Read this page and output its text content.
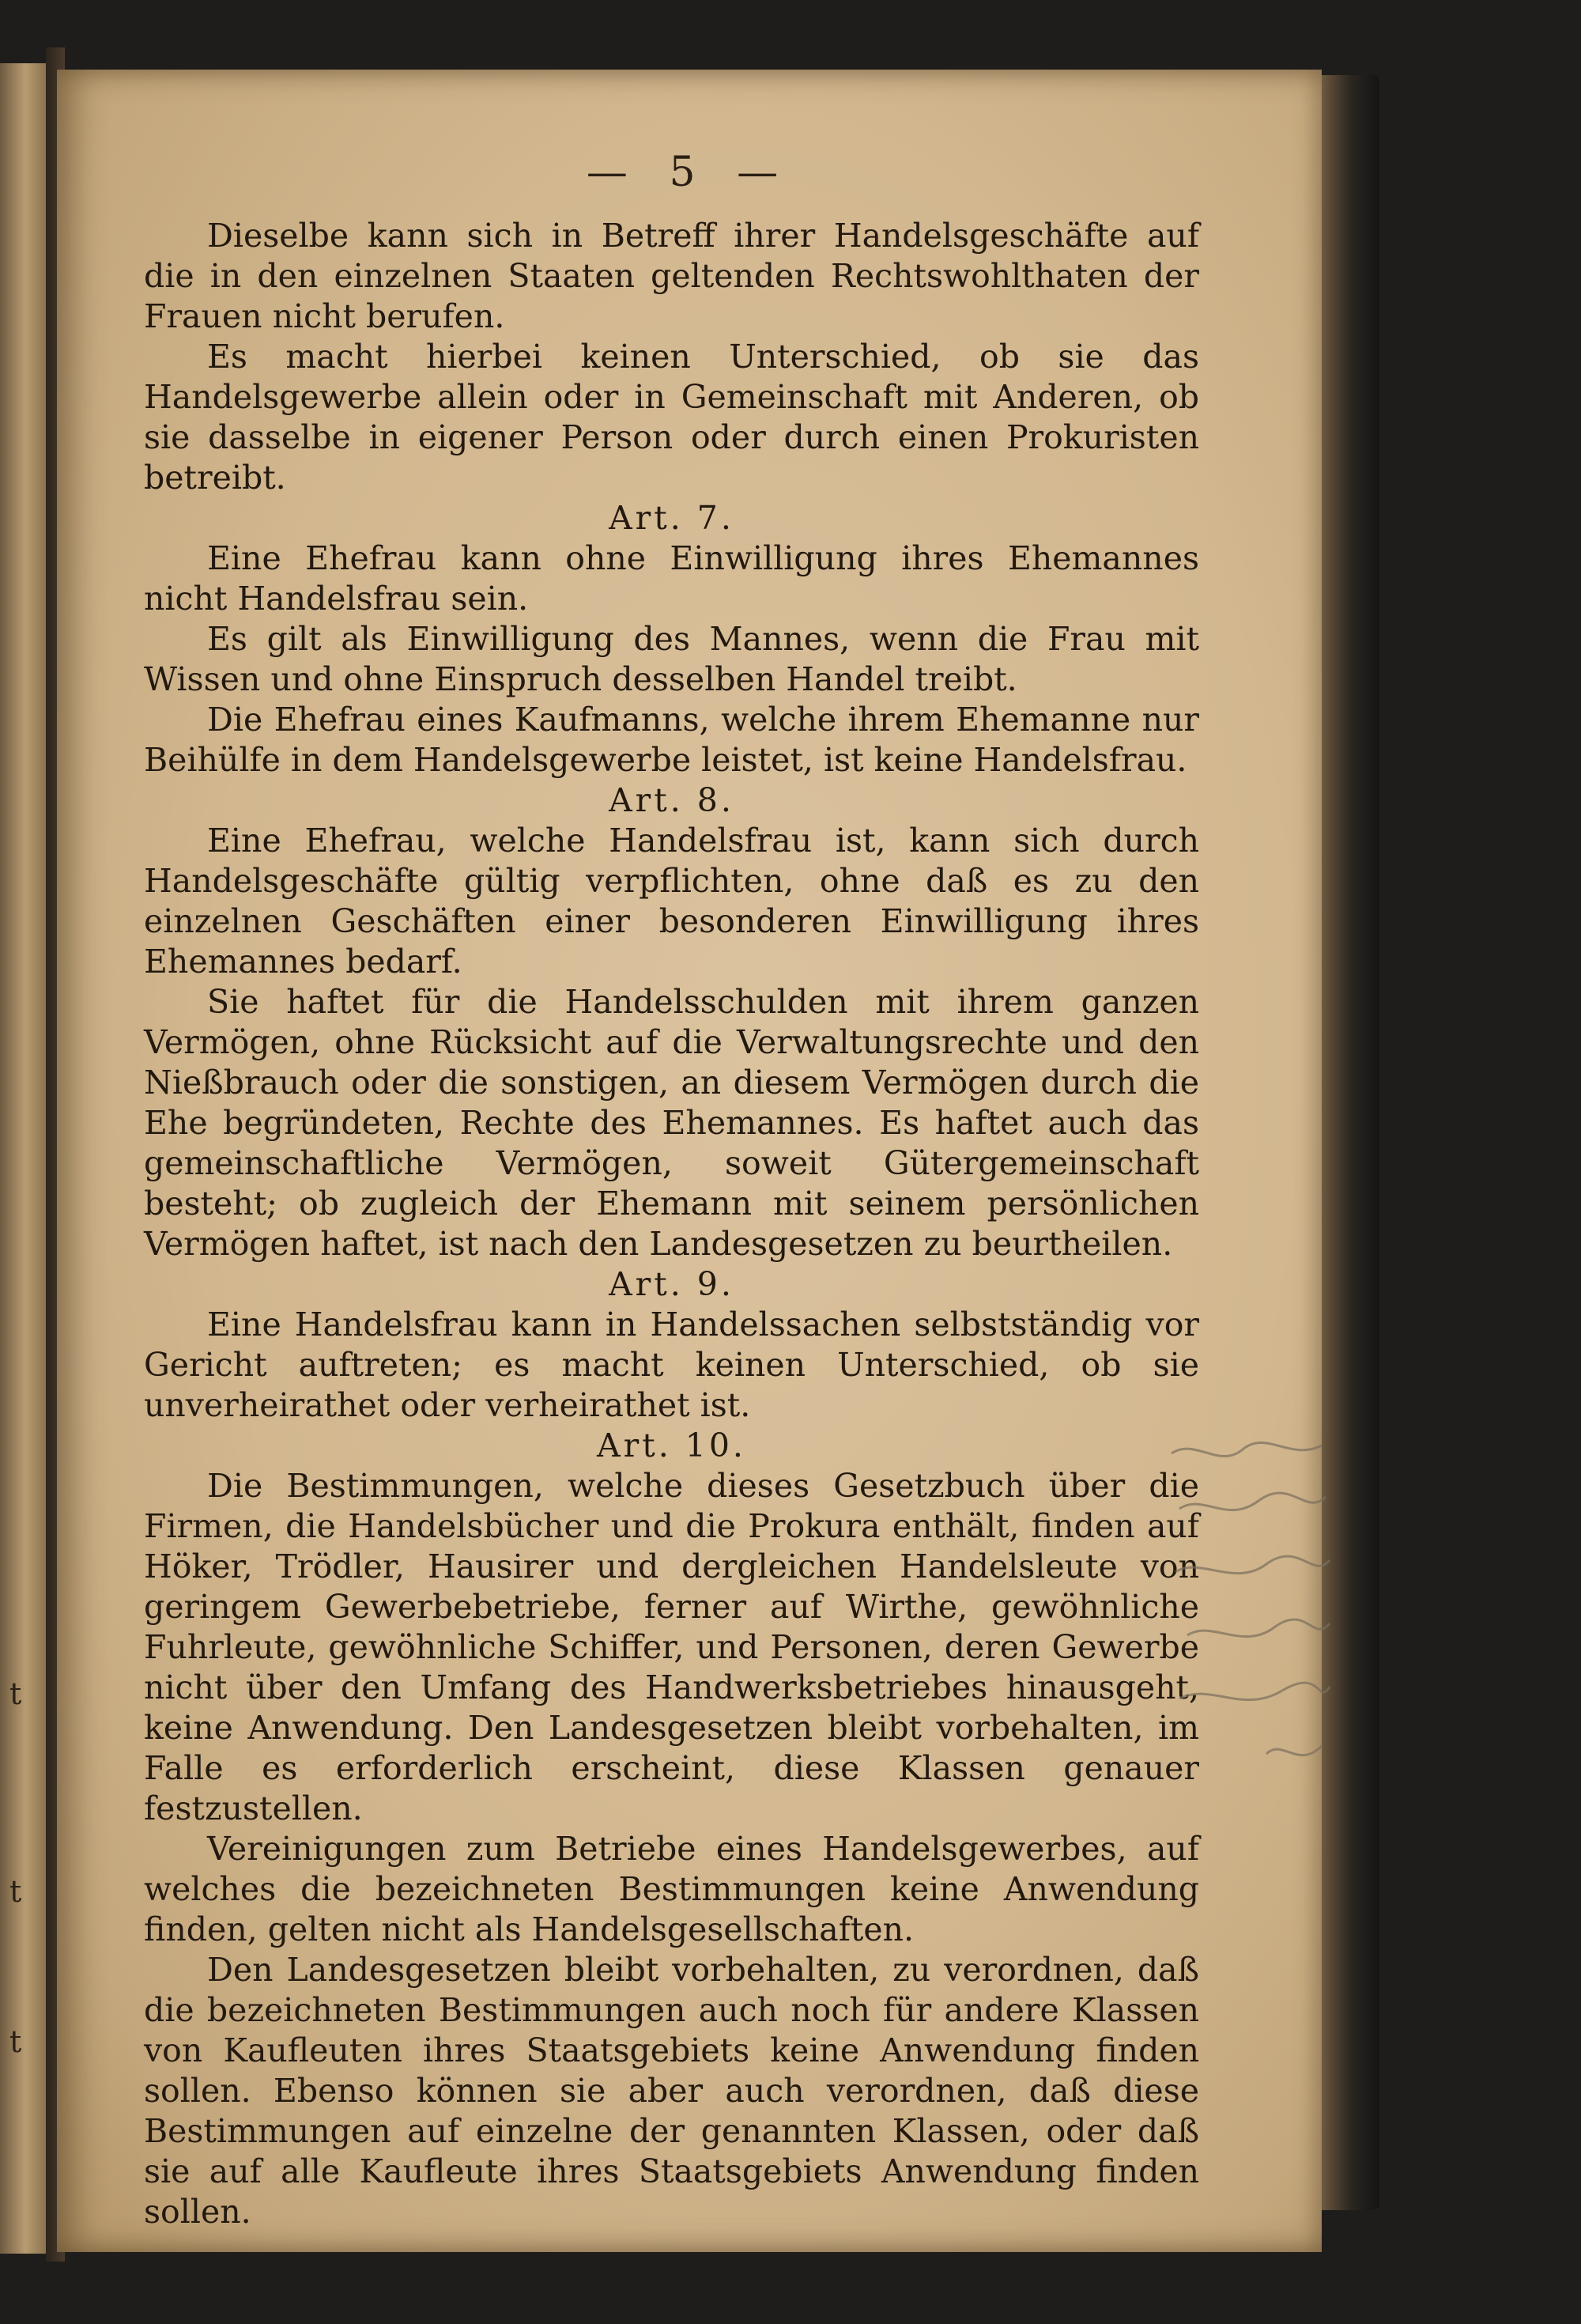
t
t
t
— 5 —

Dieselbe kann sich in Betreff ihrer Handelsgeschäfte auf die in den einzelnen Staaten geltenden Rechtswohlthaten der Frauen nicht berufen.

Es macht hierbei keinen Unterschied, ob sie das Handelsgewerbe allein oder in Gemeinschaft mit Anderen, ob sie dasselbe in eigener Person oder durch einen Prokuristen betreibt.

Art. 7.

Eine Ehefrau kann ohne Einwilligung ihres Ehemannes nicht Handelsfrau sein.

Es gilt als Einwilligung des Mannes, wenn die Frau mit Wissen und ohne Einspruch desselben Handel treibt.

Die Ehefrau eines Kaufmanns, welche ihrem Ehemanne nur Beihülfe in dem Handelsgewerbe leistet, ist keine Handelsfrau.

Art. 8.

Eine Ehefrau, welche Handelsfrau ist, kann sich durch Handelsgeschäfte gültig verpflichten, ohne daß es zu den einzelnen Geschäften einer besonderen Einwilligung ihres Ehemannes bedarf.

Sie haftet für die Handelsschulden mit ihrem ganzen Vermögen, ohne Rücksicht auf die Verwaltungsrechte und den Nießbrauch oder die sonstigen, an diesem Vermögen durch die Ehe begründeten, Rechte des Ehemannes. Es haftet auch das gemeinschaftliche Vermögen, soweit Gütergemeinschaft besteht; ob zugleich der Ehemann mit seinem persönlichen Vermögen haftet, ist nach den Landesgesetzen zu beurtheilen.

Art. 9.

Eine Handelsfrau kann in Handelssachen selbstständig vor Gericht auftreten; es macht keinen Unterschied, ob sie unverheirathet oder verheirathet ist.

Art. 10.

Die Bestimmungen, welche dieses Gesetzbuch über die Firmen, die Handelsbücher und die Prokura enthält, finden auf Höker, Trödler, Hausirer und dergleichen Handelsleute von geringem Gewerbebetriebe, ferner auf Wirthe, gewöhnliche Fuhrleute, gewöhnliche Schiffer, und Personen, deren Gewerbe nicht über den Umfang des Handwerksbetriebes hinausgeht, keine Anwendung. Den Landesgesetzen bleibt vorbehalten, im Falle es erforderlich erscheint, diese Klassen genauer festzustellen.

Vereinigungen zum Betriebe eines Handelsgewerbes, auf welches die bezeichneten Bestimmungen keine Anwendung finden, gelten nicht als Handelsgesellschaften.

Den Landesgesetzen bleibt vorbehalten, zu verordnen, daß die bezeichneten Bestimmungen auch noch für andere Klassen von Kaufleuten ihres Staatsgebiets keine Anwendung finden sollen. Ebenso können sie aber auch verordnen, daß diese Bestimmungen auf einzelne der genannten Klassen, oder daß sie auf alle Kaufleute ihres Staatsgebiets Anwendung finden sollen.
